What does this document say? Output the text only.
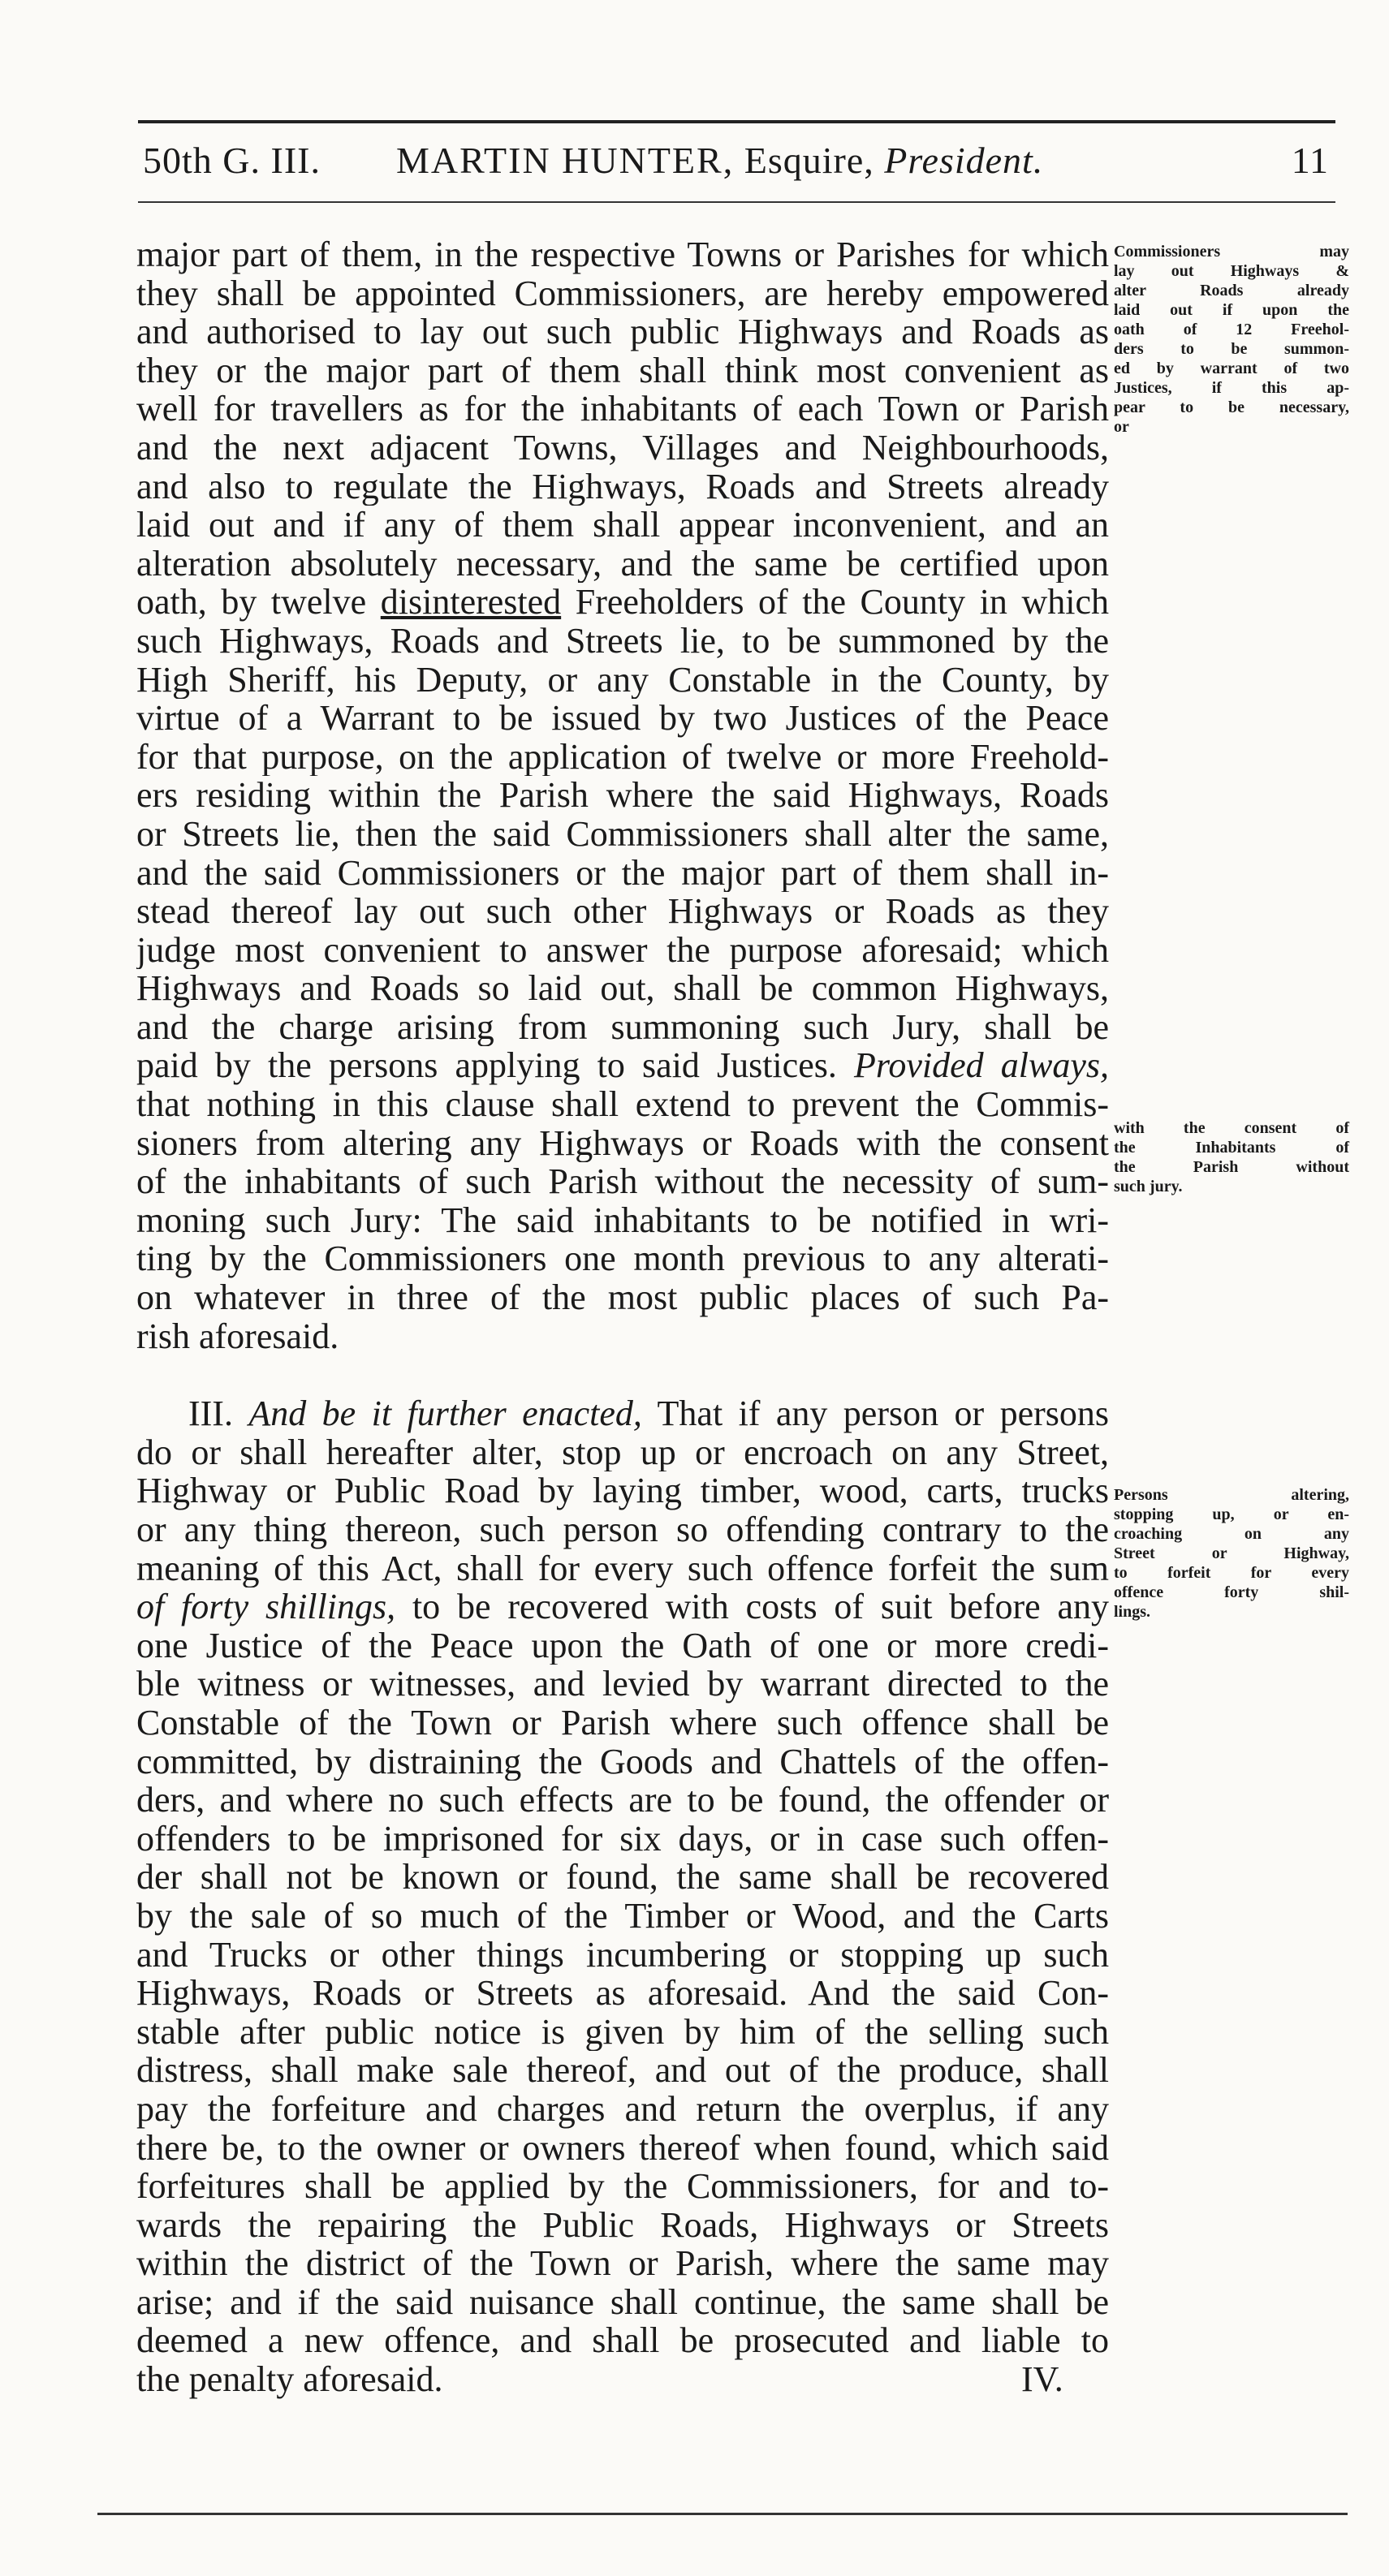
50th G. III. MARTIN HUNTER, Esquire, President.	11
major part of them, in the respective Towns or Parishes for which
they shall be appointed Commissioners, are hereby empowered
and authorised to lay out such public Highways and Roads as
they or the major part of them shall think most convenient as
well for travellers as for the inhabitants of each Town or Parish
and the next adjacent Towns, Villages and Neighbourhoods,
and also to regulate the Highways, Roads and Streets already
laid out and if any of them shall appear inconvenient, and an
alteration absolutely necessary, and the same be certified upon
oath, by twelve disinterested Freeholders of the County in which
such Highways, Roads and Streets lie, to be summoned by the
High Sheriff, his Deputy, or any Constable in the County, by
virtue of a Warrant to be issued by two Justices of the Peace
for that purpose, on the application of twelve or more Freehold-
ers residing within the Parish where the said Highways, Roads
or Streets lie, then the said Commissioners shall alter the same,
and the said Commissioners or the major part of them shall in-
stead thereof lay out such other Highways or Roads as they
judge most convenient to answer the purpose aforesaid; which
Highways and Roads so laid out, shall be common Highways,
and the charge arising from summoning such Jury, shall be
paid by the persons applying to said Justices. Provided always,
that nothing in this clause shall extend to prevent the Commis-
sioners from altering any Highways or Roads with the consent
of the inhabitants of such Parish without the necessity of sum-
moning such Jury: The said inhabitants to be notified in wri-
ting by the Commissioners one month previous to any alterati-
on whatever in three of the most public places of such Pa-
rish aforesaid.
III. And be it further enacted, That if any person or persons
do or shall hereafter alter, stop up or encroach on any Street,
Highway or Public Road by laying timber, wood, carts, trucks
or any thing thereon, such person so offending contrary to the
meaning of this Act, shall for every such offence forfeit the sum
of forty shillings, to be recovered with costs of suit before any
one Justice of the Peace upon the Oath of one or more credi-
ble witness or witnesses, and levied by warrant directed to the
Constable of the Town or Parish where such offence shall be
committed, by distraining the Goods and Chattels of the offen-
ders, and where no such effects are to be found, the offender or
offenders to be imprisoned for six days, or in case such offen-
der shall not be known or found, the same shall be recovered
by the sale of so much of the Timber or Wood, and the Carts
and Trucks or other things incumbering or stopping up such
Highways, Roads or Streets as aforesaid. And the said Con-
stable after public notice is given by him of the selling such
distress, shall make sale thereof, and out of the produce, shall
pay the forfeiture and charges and return the overplus, if any
there be, to the owner or owners thereof when found, which said
forfeitures shall be applied by the Commissioners, for and to-
wards the repairing the Public Roads, Highways or Streets
within the district of the Town or Parish, where the same may
arise; and if the said nuisance shall continue, the same shall be
deemed a new offence, and shall be prosecuted and liable to
the penalty aforesaid.	IV.
Commissioners may
lay out Highways &
alter Roads already
laid out if upon the
oath of 12 Freehol-
ders to be summon-
ed by warrant of two
Justices, if this ap-
pear to be necessary,
or
with the consent of
the Inhabitants of
the Parish without
such jury.
Persons altering,
stopping up, or en-
croaching on any
Street or Highway,
to forfeit for every
offence forty shil-
lings.
